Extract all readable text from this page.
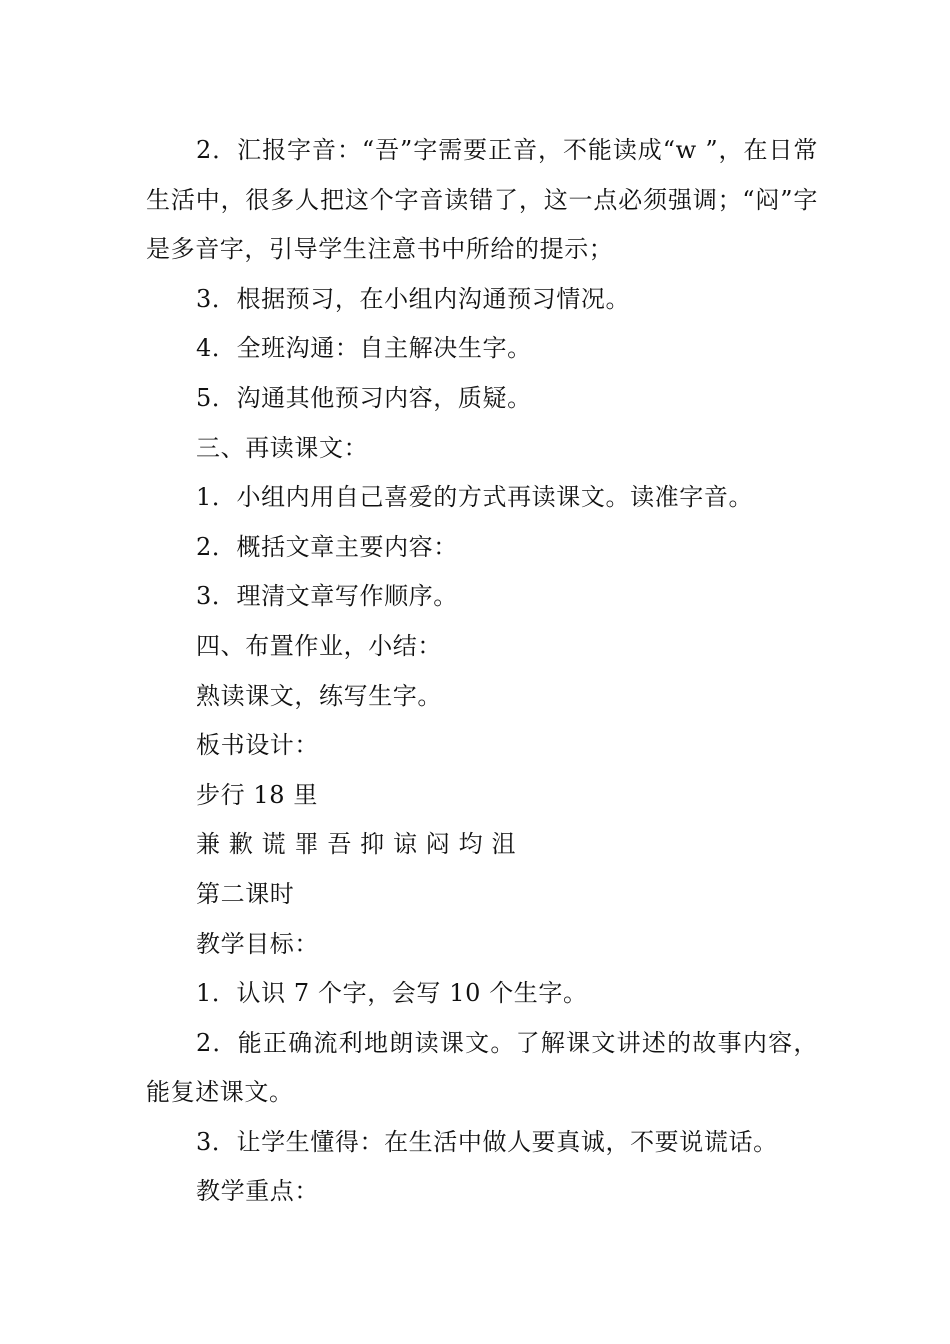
2．汇报字音：“吾”字需要正音，不能读成“w ”，在日常生活中，很多人把这个字音读错了，这一点必须强调；“闷”字是多音字，引导学生注意书中所给的提示；

3．根据预习，在小组内沟通预习情况。

4．全班沟通：自主解决生字。

5．沟通其他预习内容，质疑。

三、再读课文：

1．小组内用自己喜爱的方式再读课文。读准字音。

2．概括文章主要内容：

3．理清文章写作顺序。

四、布置作业，小结：

熟读课文，练写生字。

板书设计：

步行 18 里

兼 歉 谎 罪 吾 抑 谅 闷 均 沮

第二课时

教学目标：

1．认识 7 个字，会写 10 个生字。

2．能正确流利地朗读课文。了解课文讲述的故事内容，能复述课文。

3．让学生懂得：在生活中做人要真诚，不要说谎话。

教学重点：
